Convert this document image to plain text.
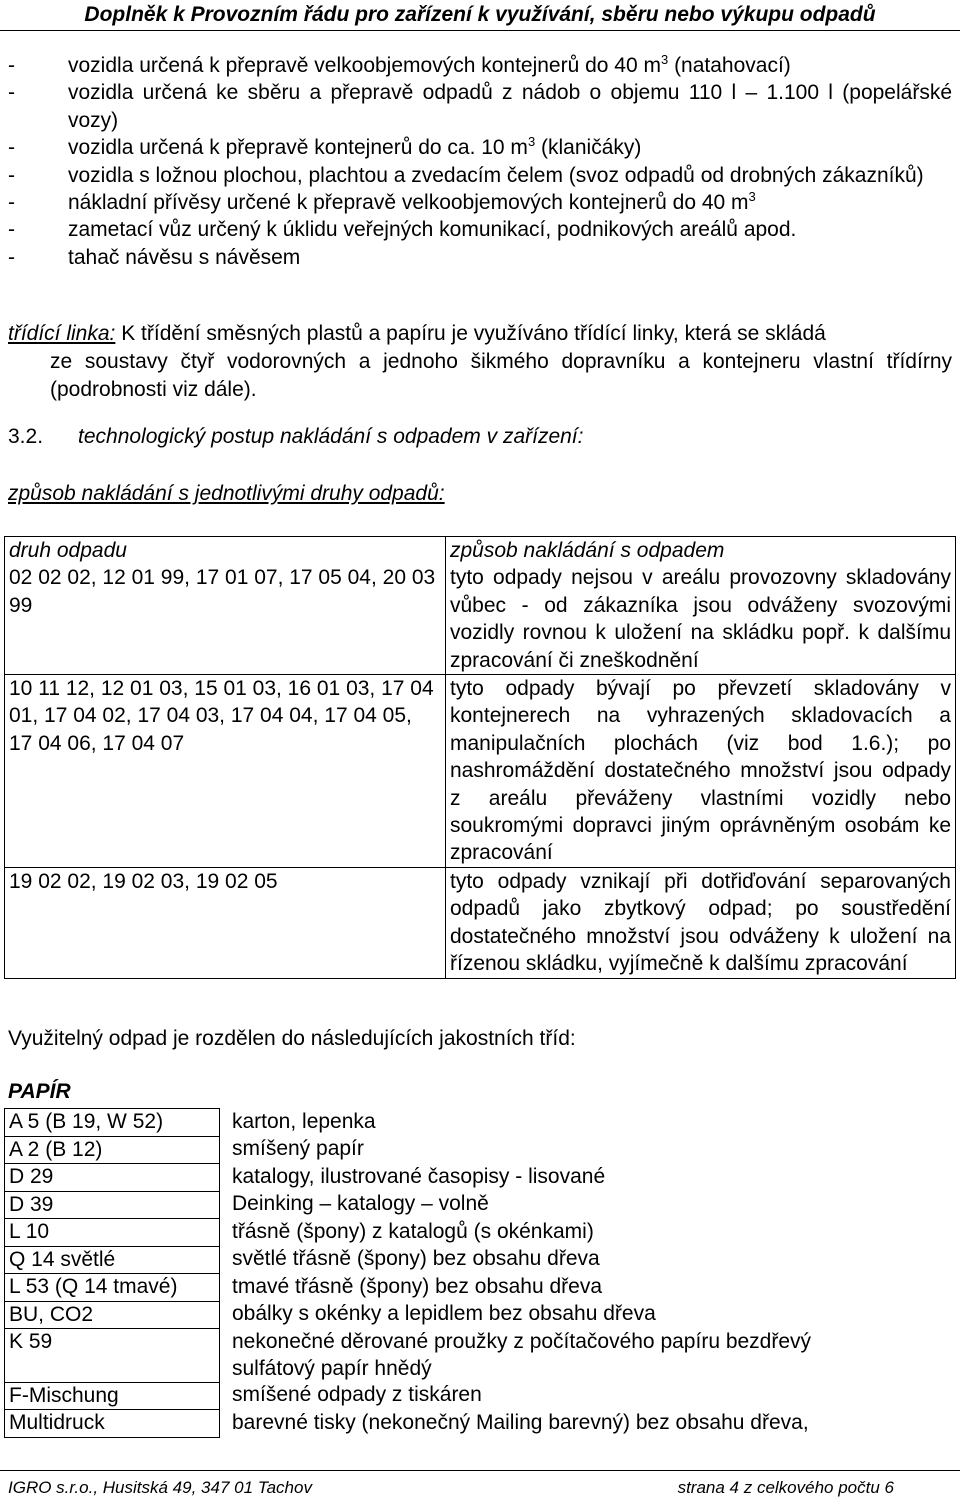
Doplněk k Provozním řádu pro zařízení k využívání, sběru nebo výkupu odpadů
-	vozidla určená k přepravě velkoobjemových kontejnerů do 40 $m^3$ (natahovací)
-	vozidla určená ke sběru a přepravě odpadů z nádob o objemu 110 l – 1.100 l (popelářské vozy)
-	vozidla určená k přepravě kontejnerů do ca. 10 $m^3$ (klaničáky)
-	vozidla s ložnou plochou, plachtou a zvedacím čelem (svoz odpadů od drobných zákazníků)
-	nákladní přívěsy určené k přepravě velkoobjemových kontejnerů do 40 $m^3$
-	zametací vůz určený k úklidu veřejných komunikací, podnikových areálů apod.
-	tahač návěsu s návěsem
třídící linka: K třídění směsných plastů a papíru je využíváno třídící linky, která se skládá
ze soustavy čtyř vodorovných a jednoho šikmého dopravníku a kontejneru vlastní třídírny (podrobnosti viz dále).
3.2. technologický postup nakládání s odpadem v zařízení:
způsob nakládání s jednotlivými druhy odpadů:
druh odpadu	způsob nakládání s odpadem
02 02 02, 12 01 99, 17 01 07, 17 05 04, 20 03 99	tyto odpady nejsou v areálu provozovny skladovány vůbec - od zákazníka jsou odváženy svozovými vozidly rovnou k uložení na skládku popř. k dalšímu zpracování či zneškodnění
10 11 12, 12 01 03, 15 01 03, 16 01 03, 17 04 01, 17 04 02, 17 04 03, 17 04 04, 17 04 05, 17 04 06, 17 04 07	tyto odpady bývají po převzetí skladovány v kontejnerech na vyhrazených skladovacích a manipulačních plochách (viz bod 1.6.); po nashromáždění dostatečného množství jsou odpady z areálu převáženy vlastními vozidly nebo soukromými dopravci jiným oprávněným osobám ke zpracování
19 02 02, 19 02 03, 19 02 05	tyto odpady vznikají při dotřiďování separovaných odpadů jako zbytkový odpad; po soustředění dostatečného množství jsou odváženy k uložení na řízenou skládku, vyjímečně k dalšímu zpracování
Využitelný odpad je rozdělen do následujících jakostních tříd:
PAPÍR
A 5 (B 19, W 52)	karton, lepenka
A 2 (B 12)	smíšený papír
D 29	katalogy, ilustrované časopisy - lisované
D 39	Deinking – katalogy – volně
L 10	třásně (špony) z katalogů (s okénkami)
Q 14 světlé	světlé třásně (špony) bez obsahu dřeva
L 53 (Q 14 tmavé)	tmavé třásně (špony) bez obsahu dřeva
BU, CO2	obálky s okénky a lepidlem bez obsahu dřeva
K 59	nekonečné děrované proužky z počítačového papíru bezdřevý
	sulfátový papír hnědý
F-Mischung	smíšené odpady z tiskáren
Multidruck	barevné tisky (nekonečný Mailing barevný) bez obsahu dřeva,
IGRO s.r.o., Husitská 49, 347 01 Tachov	strana 4 z celkového počtu 6
